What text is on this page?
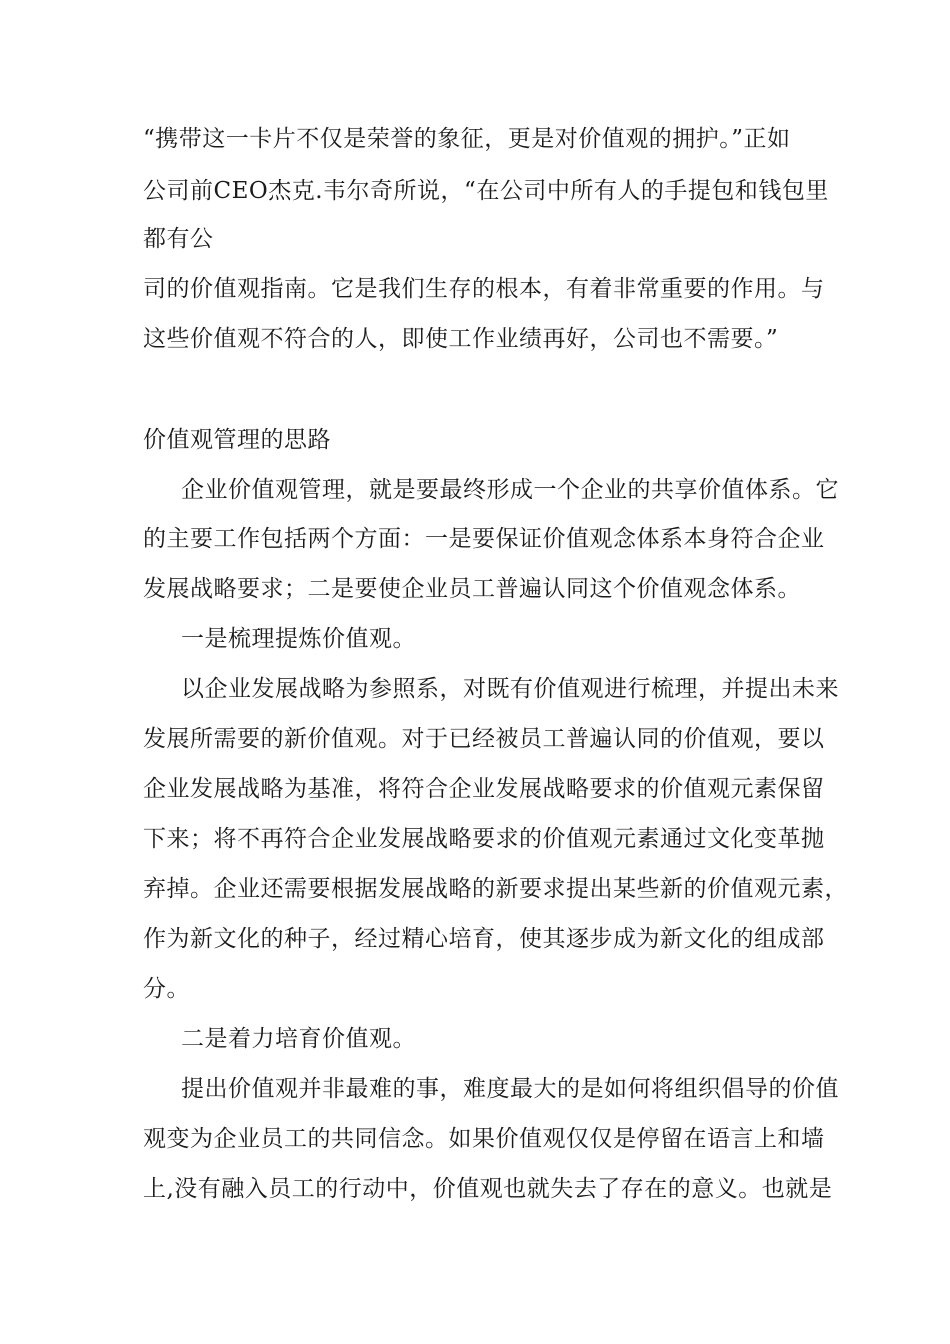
“携带这一卡片不仅是荣誉的象征，更是对价值观的拥护。”正如
公司前CEO杰克.韦尔奇所说，“在公司中所有人的手提包和钱包里
都有公
司的价值观指南。它是我们生存的根本，有着非常重要的作用。与
这些价值观不符合的人，即使工作业绩再好，公司也不需要。”
价值观管理的思路
企业价值观管理，就是要最终形成一个企业的共享价值体系。它
的主要工作包括两个方面：一是要保证价值观念体系本身符合企业
发展战略要求；二是要使企业员工普遍认同这个价值观念体系。
一是梳理提炼价值观。
以企业发展战略为参照系，对既有价值观进行梳理，并提出未来
发展所需要的新价值观。对于已经被员工普遍认同的价值观，要以
企业发展战略为基准，将符合企业发展战略要求的价值观元素保留
下来；将不再符合企业发展战略要求的价值观元素通过文化变革抛
弃掉。企业还需要根据发展战略的新要求提出某些新的价值观元素，
作为新文化的种子，经过精心培育，使其逐步成为新文化的组成部
分。
二是着力培育价值观。
提出价值观并非最难的事，难度最大的是如何将组织倡导的价值
观变为企业员工的共同信念。如果价值观仅仅是停留在语言上和墙
上,没有融入员工的行动中，价值观也就失去了存在的意义。也就是
